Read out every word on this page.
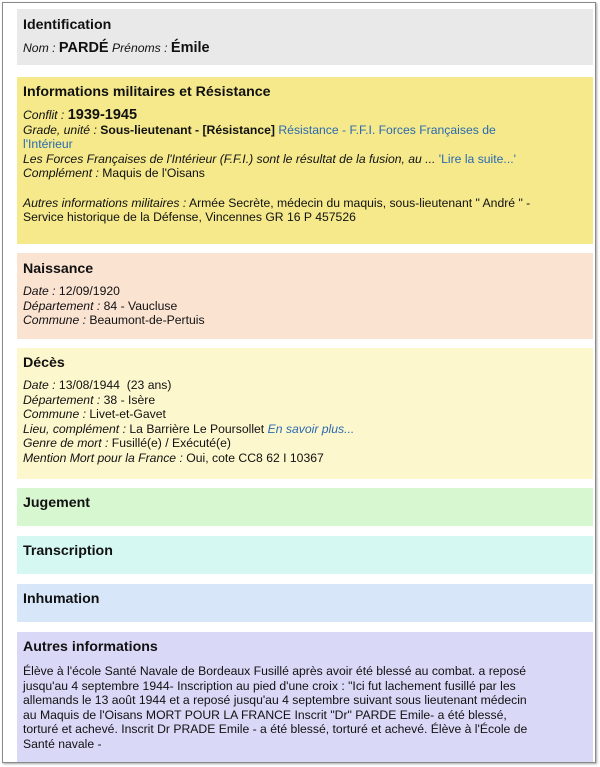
Identification
Nom : PARDÉ Prénoms : Émile
Informations militaires et Résistance
Conflit : 1939-1945
Grade, unité : Sous-lieutenant - [Résistance] Résistance - F.F.I. Forces Françaises de
l'Intérieur
Les Forces Françaises de l'Intérieur (F.F.I.) sont le résultat de la fusion, au ... 'Lire la suite...'
Complément : Maquis de l'Oisans
Autres informations militaires : Armée Secrète, médecin du maquis, sous-lieutenant " André " -
Service historique de la Défense, Vincennes GR 16 P 457526
Naissance
Date : 12/09/1920
Département : 84 - Vaucluse
Commune : Beaumont-de-Pertuis
Décès
Date : 13/08/1944  (23 ans)
Département : 38 - Isère
Commune : Livet-et-Gavet
Lieu, complément : La Barrière Le Poursollet En savoir plus...
Genre de mort : Fusillé(e) / Exécuté(e)
Mention Mort pour la France : Oui, cote CC8 62 I 10367
Jugement
Transcription
Inhumation
Autres informations
Élève à l'école Santé Navale de Bordeaux Fusillé après avoir été blessé au combat. a reposé
jusqu'au 4 septembre 1944- Inscription au pied d'une croix : "Ici fut lachement fusillé par les
allemands le 13 août 1944 et a reposé jusqu'au 4 septembre suivant sous lieutenant médecin
au Maquis de l'Oisans MORT POUR LA FRANCE Inscrit "Dr" PARDE Emile- a été blessé,
torturé et achevé. Inscrit Dr PRADE Emile - a été blessé, torturé et achevé. Élève à l'École de
Santé navale -
